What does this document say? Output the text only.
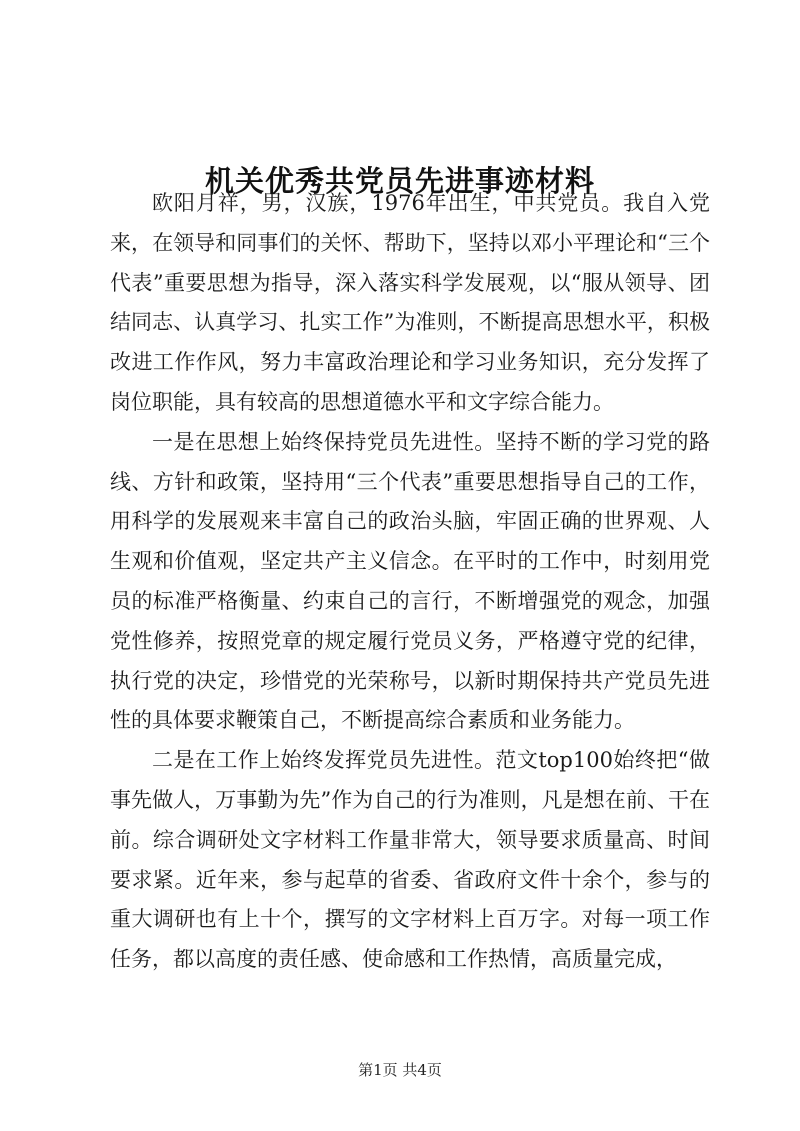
机关优秀共党员先进事迹材料

欧阳月祥，男，汉族，1976年出生，中共党员。我自入党来，在领导和同事们的关怀、帮助下，坚持以邓小平理论和“三个代表”重要思想为指导，深入落实科学发展观，以“服从领导、团结同志、认真学习、扎实工作”为准则，不断提高思想水平，积极改进工作作风，努力丰富政治理论和学习业务知识，充分发挥了岗位职能，具有较高的思想道德水平和文字综合能力。

一是在思想上始终保持党员先进性。坚持不断的学习党的路线、方针和政策，坚持用“三个代表”重要思想指导自己的工作，用科学的发展观来丰富自己的政治头脑，牢固正确的世界观、人生观和价值观，坚定共产主义信念。在平时的工作中，时刻用党员的标准严格衡量、约束自己的言行，不断增强党的观念，加强党性修养，按照党章的规定履行党员义务，严格遵守党的纪律，执行党的决定，珍惜党的光荣称号，以新时期保持共产党员先进性的具体要求鞭策自己，不断提高综合素质和业务能力。

二是在工作上始终发挥党员先进性。范文top100始终把“做事先做人，万事勤为先”作为自己的行为准则，凡是想在前、干在前。综合调研处文字材料工作量非常大，领导要求质量高、时间要求紧。近年来，参与起草的省委、省政府文件十余个，参与的重大调研也有上十个，撰写的文字材料上百万字。对每一项工作任务，都以高度的责任感、使命感和工作热情，高质量完成，

第1页 共4页
